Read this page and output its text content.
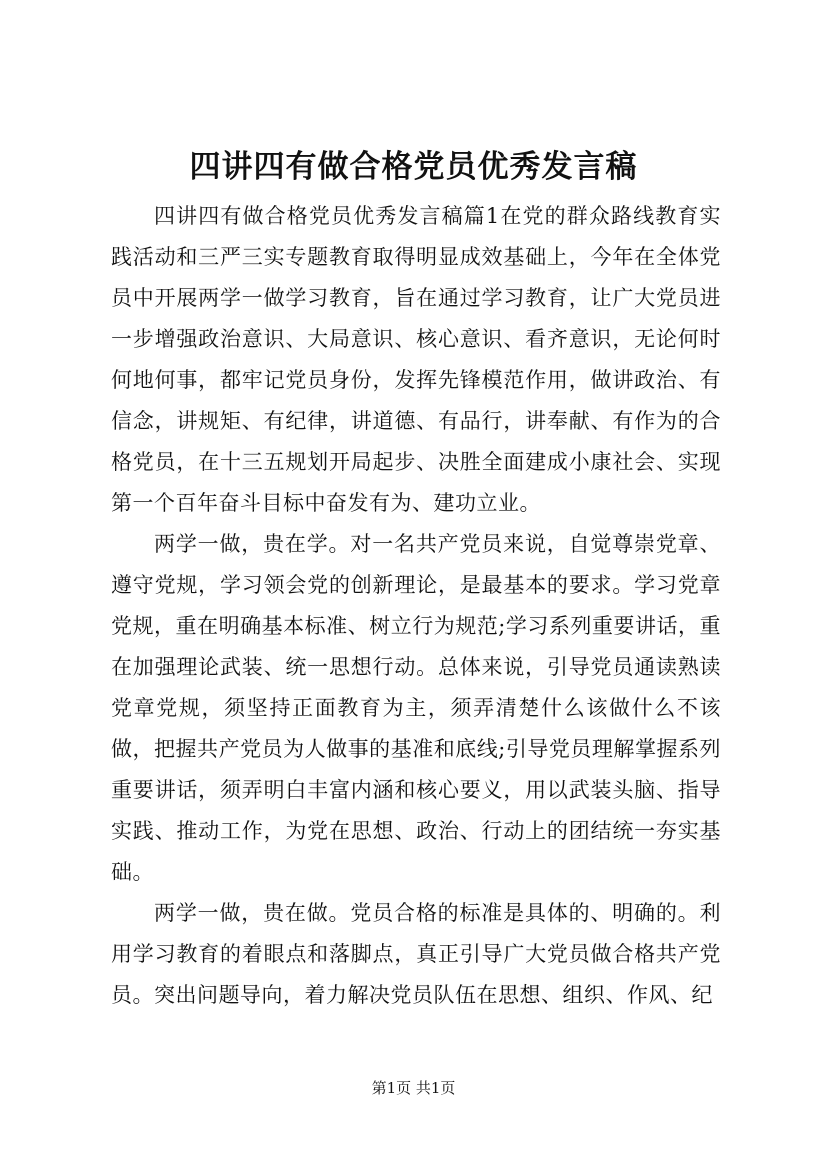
四讲四有做合格党员优秀发言稿

四讲四有做合格党员优秀发言稿篇1在党的群众路线教育实践活动和三严三实专题教育取得明显成效基础上，今年在全体党员中开展两学一做学习教育，旨在通过学习教育，让广大党员进一步增强政治意识、大局意识、核心意识、看齐意识，无论何时何地何事，都牢记党员身份，发挥先锋模范作用，做讲政治、有信念，讲规矩、有纪律，讲道德、有品行，讲奉献、有作为的合格党员，在十三五规划开局起步、决胜全面建成小康社会、实现第一个百年奋斗目标中奋发有为、建功立业。

两学一做，贵在学。对一名共产党员来说，自觉尊崇党章、遵守党规，学习领会党的创新理论，是最基本的要求。学习党章党规，重在明确基本标准、树立行为规范;学习系列重要讲话，重在加强理论武装、统一思想行动。总体来说，引导党员通读熟读党章党规，须坚持正面教育为主，须弄清楚什么该做什么不该做，把握共产党员为人做事的基准和底线;引导党员理解掌握系列重要讲话，须弄明白丰富内涵和核心要义，用以武装头脑、指导实践、推动工作，为党在思想、政治、行动上的团结统一夯实基础。

两学一做，贵在做。党员合格的标准是具体的、明确的。利用学习教育的着眼点和落脚点，真正引导广大党员做合格共产党员。突出问题导向，着力解决党员队伍在思想、组织、作风、纪

第1页 共1页
